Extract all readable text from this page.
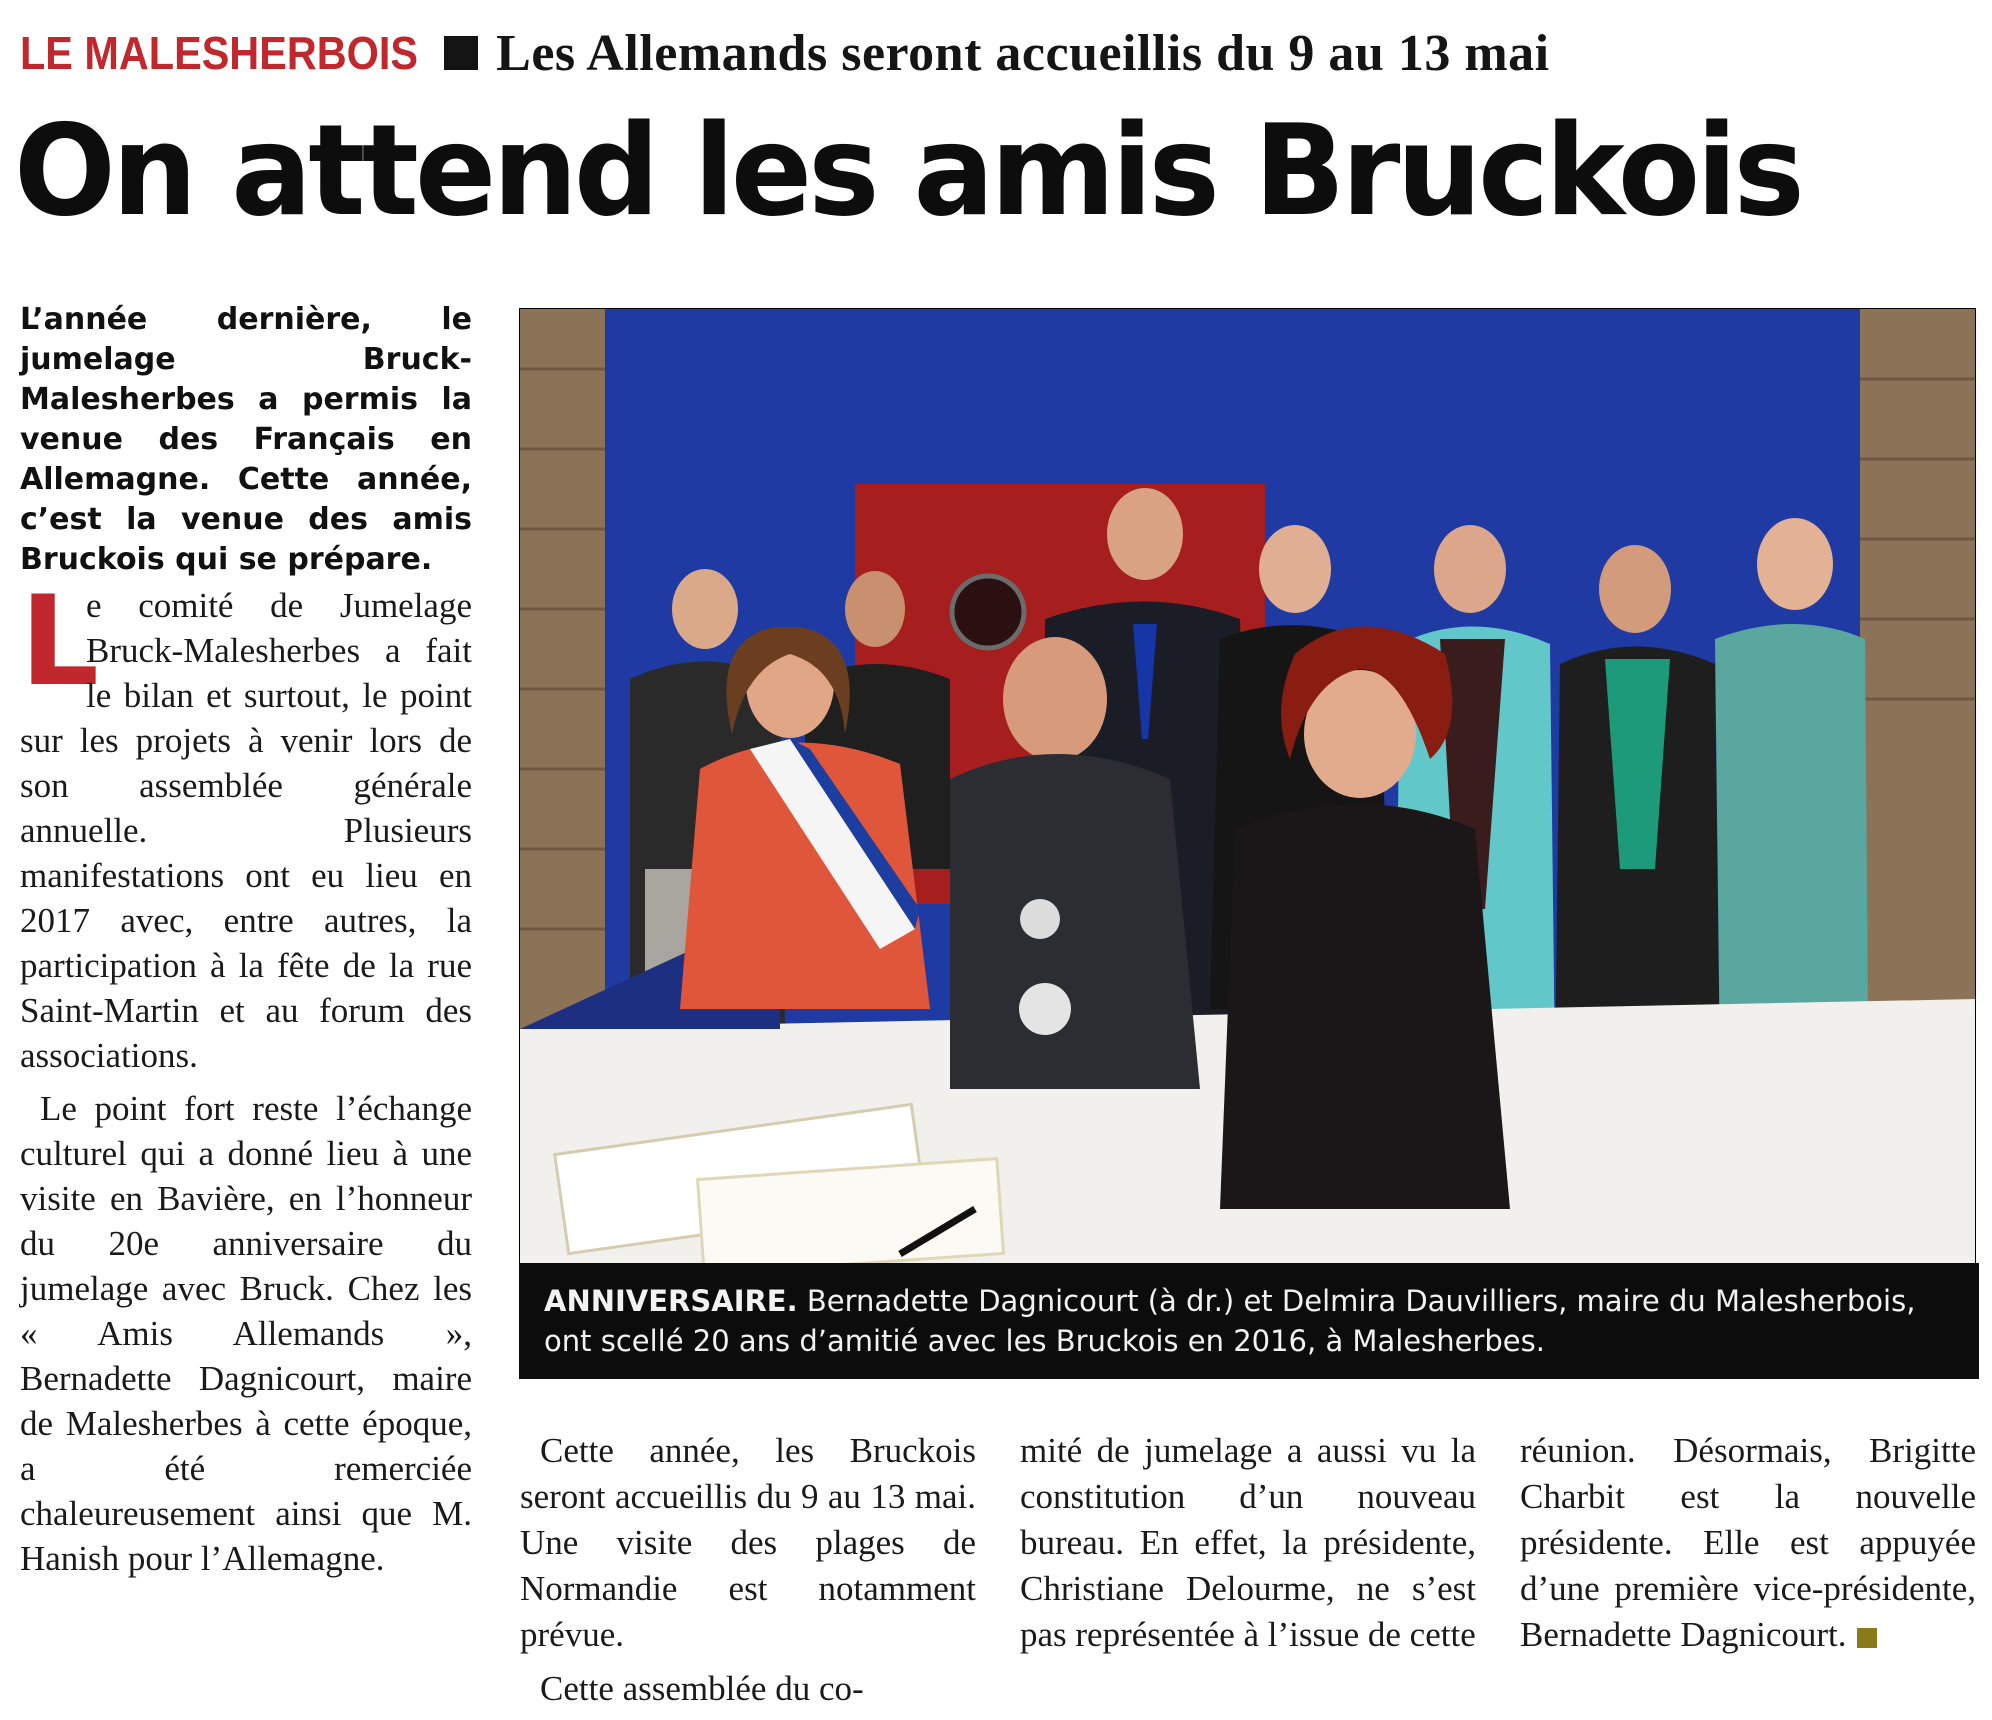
LE MALESHERBOIS Les Allemands seront accueillis du 9 au 13 mai
On attend les amis Bruckois
L’année dernière, le jumelage Bruck-Malesherbes a permis la venue des Français en Allemagne. Cette année, c’est la venue des amis Bruckois qui se prépare.

L
e comité de Jumelage Bruck-Malesherbes a fait le bilan et surtout, le point sur les projets à venir lors de son assemblée générale annuelle. Plusieurs manifestations ont eu lieu en 2017 avec, entre autres, la participation à la fête de la rue Saint-Martin et au forum des associations.

Le point fort reste l’échange culturel qui a donné lieu à une visite en Bavière, en l’honneur du 20e anniversaire du jumelage avec Bruck. Chez les « Amis Allemands », Bernadette Dagnicourt, maire de Malesherbes à cette époque, a été remerciée chaleureusement ainsi que M. Hanish pour l’Allemagne.

ANNIVERSAIRE. Bernadette Dagnicourt (à dr.) et Delmira Dauvilliers, maire du Malesherbois, ont scellé 20 ans d’amitié avec les Bruckois en 2016, à Malesherbes.

Cette année, les Bruckois seront accueillis du 9 au 13 mai. Une visite des plages de Normandie est notamment prévue.

Cette assemblée du co-

mité de jumelage a aussi vu la constitution d’un nouveau bureau. En effet, la présidente, Christiane Delourme, ne s’est pas représentée à l’issue de cette

réunion. Désormais, Brigitte Charbit est la nouvelle présidente. Elle est appuyée d’une première vice-présidente, Bernadette Dagnicourt.
